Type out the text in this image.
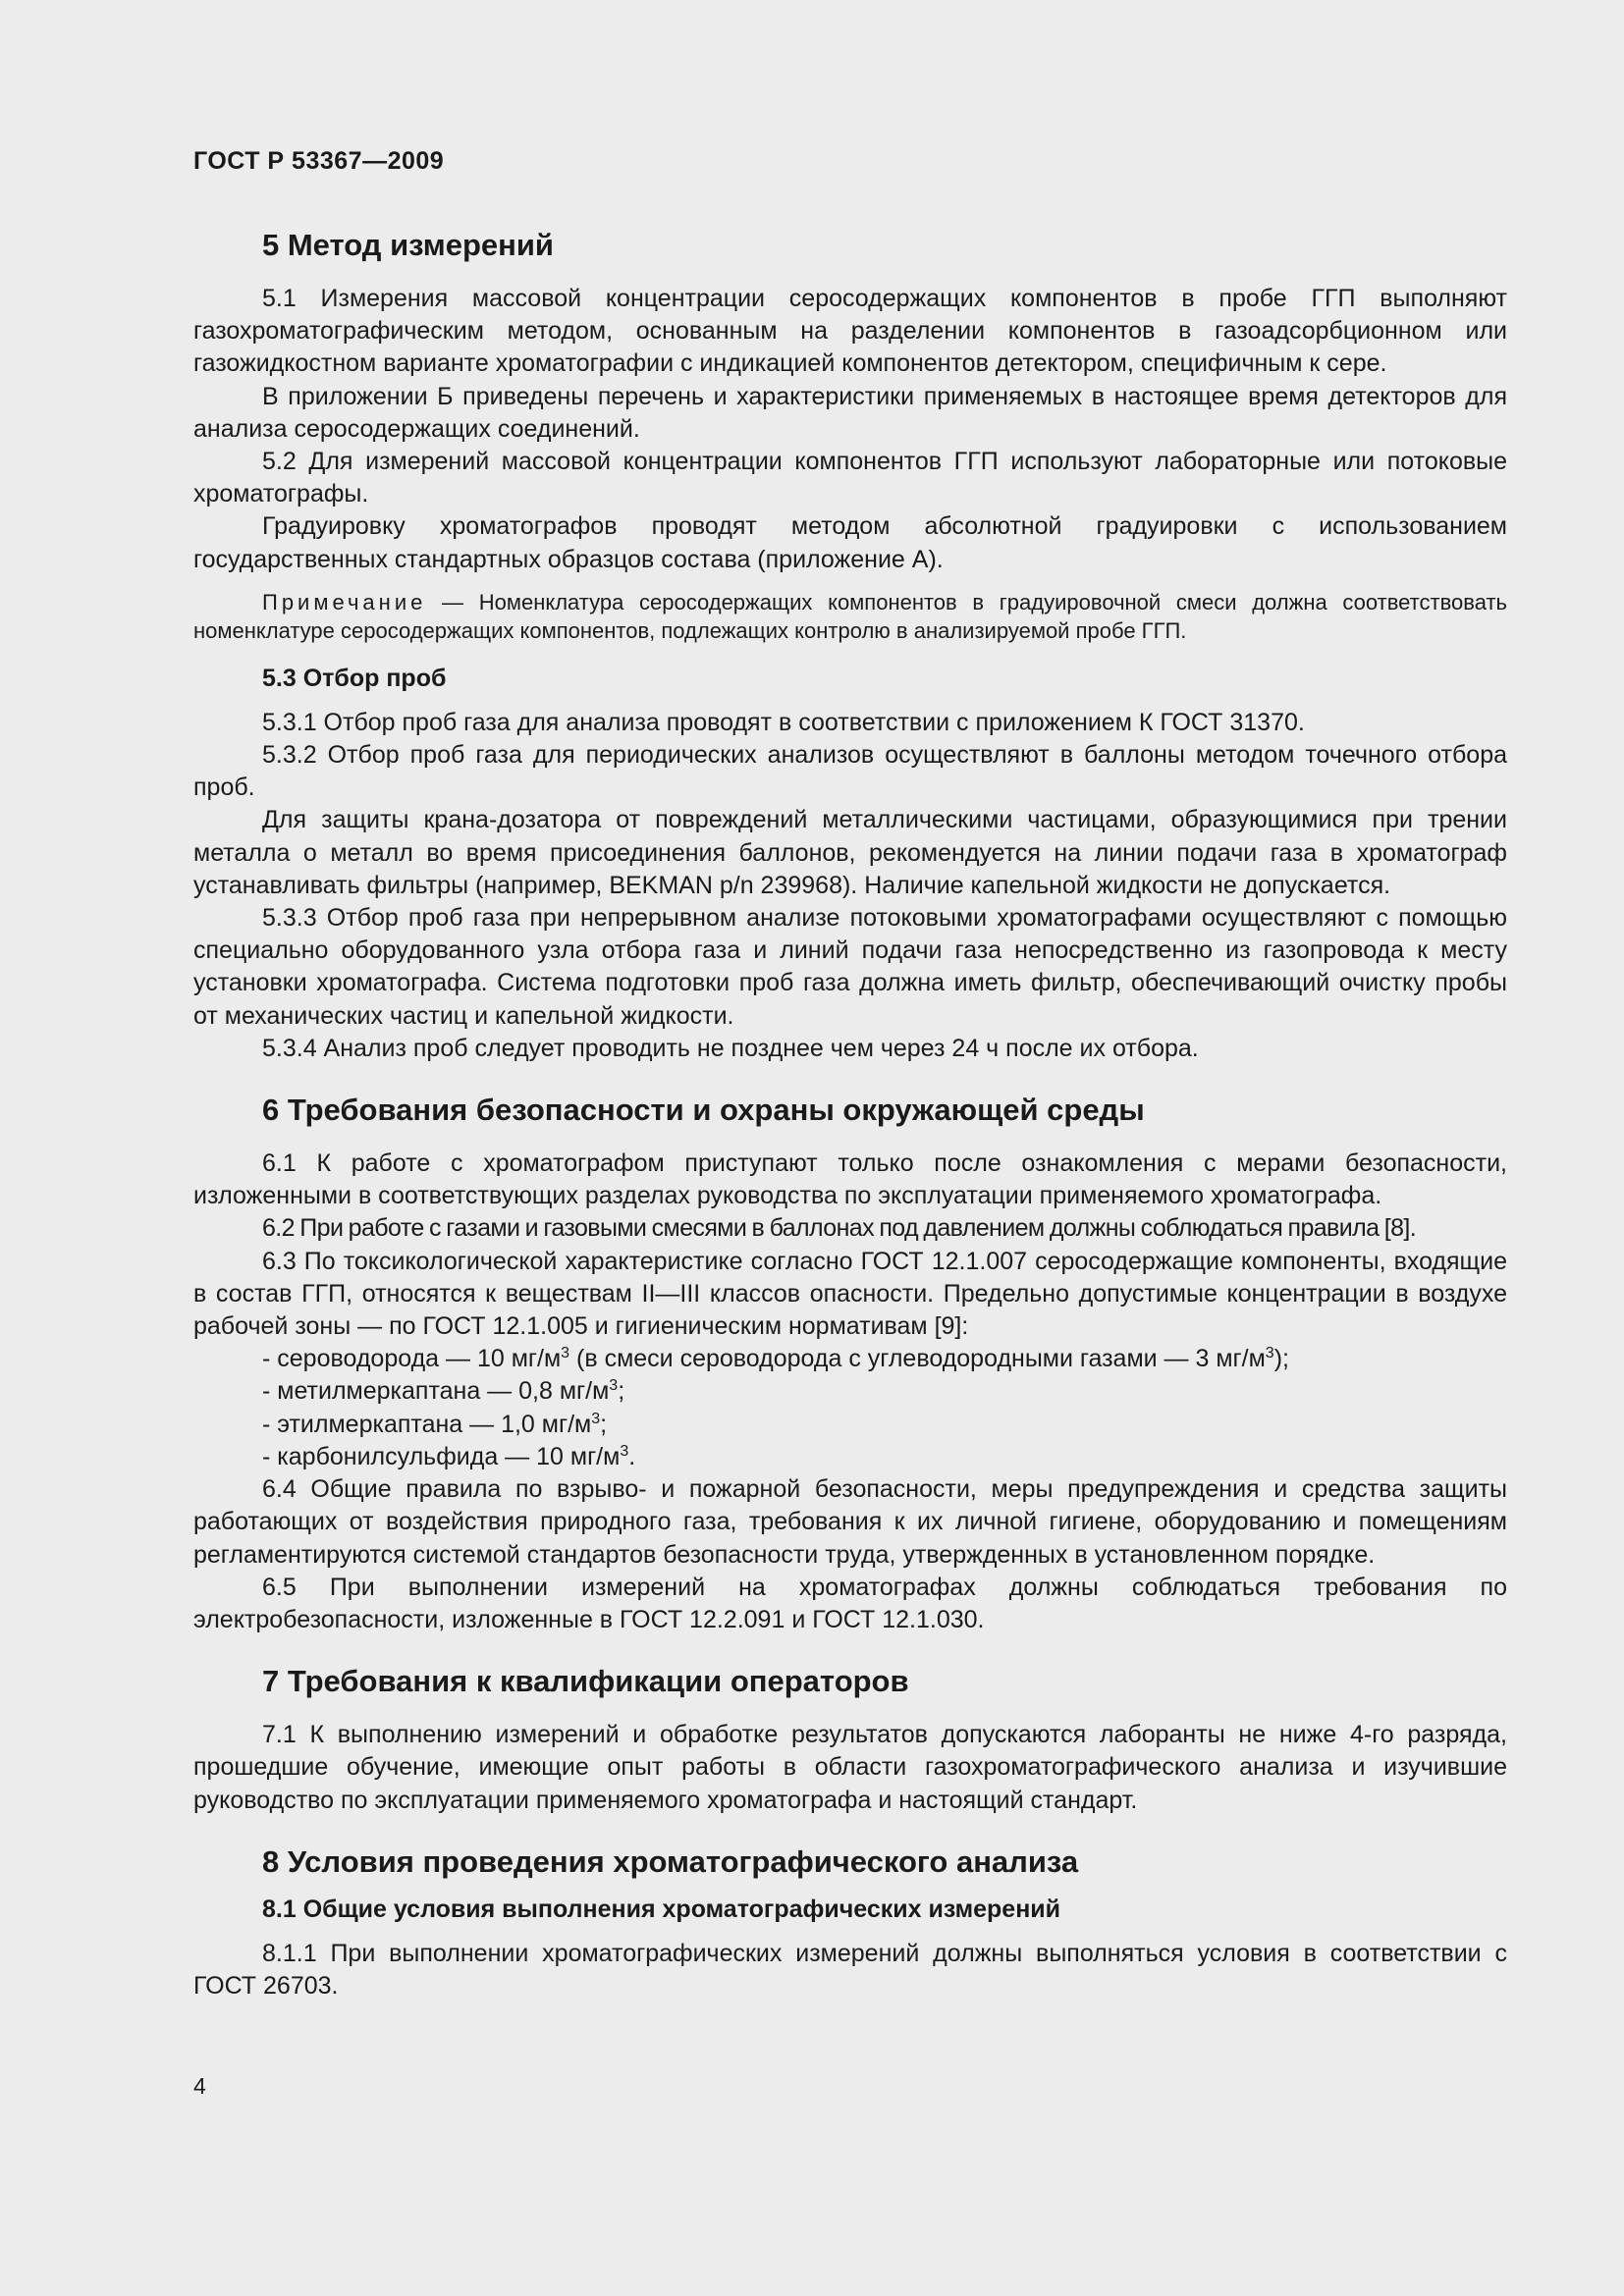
ГОСТ Р 53367—2009
5 Метод измерений

5.1 Измерения массовой концентрации серосодержащих компонентов в пробе ГГП выполняют газохроматографическим методом, основанным на разделении компонентов в газоадсорбционном или газожидкостном варианте хроматографии с индикацией компонентов детектором, специфичным к сере.

В приложении Б приведены перечень и характеристики применяемых в настоящее время детекторов для анализа серосодержащих соединений.

5.2 Для измерений массовой концентрации компонентов ГГП используют лабораторные или потоковые хроматографы.

Градуировку хроматографов проводят методом абсолютной градуировки с использованием государственных стандартных образцов состава (приложение А).

Примечание — Номенклатура серосодержащих компонентов в градуировочной смеси должна соответствовать номенклатуре серосодержащих компонентов, подлежащих контролю в анализируемой пробе ГГП.

5.3 Отбор проб

5.3.1 Отбор проб газа для анализа проводят в соответствии с приложением К ГОСТ 31370.

5.3.2 Отбор проб газа для периодических анализов осуществляют в баллоны методом точечного отбора проб.

Для защиты крана-дозатора от повреждений металлическими частицами, образующимися при трении металла о металл во время присоединения баллонов, рекомендуется на линии подачи газа в хроматограф устанавливать фильтры (например, BEKMAN p/n 239968). Наличие капельной жидкости не допускается.

5.3.3 Отбор проб газа при непрерывном анализе потоковыми хроматографами осуществляют с помощью специально оборудованного узла отбора газа и линий подачи газа непосредственно из газопровода к месту установки хроматографа. Система подготовки проб газа должна иметь фильтр, обеспечивающий очистку пробы от механических частиц и капельной жидкости.

5.3.4 Анализ проб следует проводить не позднее чем через 24 ч после их отбора.

6 Требования безопасности и охраны окружающей среды

6.1 К работе с хроматографом приступают только после ознакомления с мерами безопасности, изложенными в соответствующих разделах руководства по эксплуатации применяемого хроматографа.

6.2 При работе с газами и газовыми смесями в баллонах под давлением должны соблюдаться правила [8].

6.3 По токсикологической характеристике согласно ГОСТ 12.1.007 серосодержащие компоненты, входящие в состав ГГП, относятся к веществам II—III классов опасности. Предельно допустимые концентрации в воздухе рабочей зоны — по ГОСТ 12.1.005 и гигиеническим нормативам [9]:

- сероводорода — 10 $мг/м^3$ (в смеси сероводорода с углеводородными газами — 3 $мг/м^3$);
- метилмеркаптана — 0,8 $мг/м^3$;
- этилмеркаптана — 1,0 $мг/м^3$;
- карбонилсульфида — 10 $мг/м^3$.

6.4 Общие правила по взрыво- и пожарной безопасности, меры предупреждения и средства защиты работающих от воздействия природного газа, требования к их личной гигиене, оборудованию и помещениям регламентируются системой стандартов безопасности труда, утвержденных в установленном порядке.

6.5 При выполнении измерений на хроматографах должны соблюдаться требования по электробезопасности, изложенные в ГОСТ 12.2.091 и ГОСТ 12.1.030.

7 Требования к квалификации операторов

7.1 К выполнению измерений и обработке результатов допускаются лаборанты не ниже 4-го разряда, прошедшие обучение, имеющие опыт работы в области газохроматографического анализа и изучившие руководство по эксплуатации применяемого хроматографа и настоящий стандарт.

8 Условия проведения хроматографического анализа
8.1 Общие условия выполнения хроматографических измерений

8.1.1 При выполнении хроматографических измерений должны выполняться условия в соответствии с ГОСТ 26703.

4
